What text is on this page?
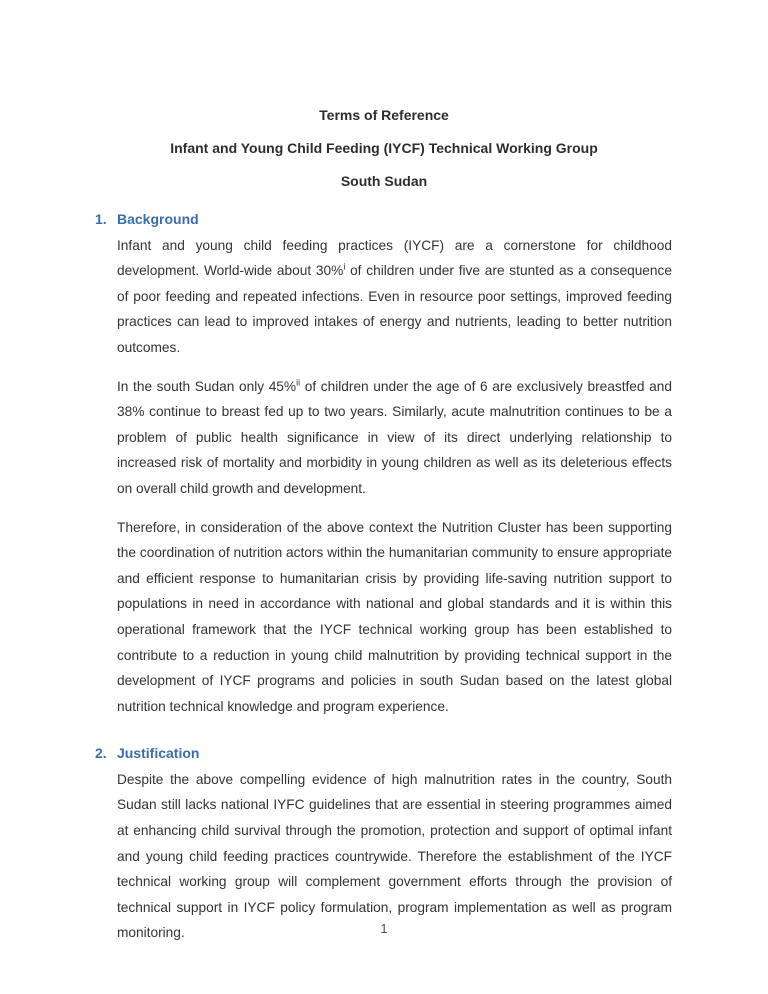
Terms of Reference
Infant and Young Child Feeding (IYCF) Technical Working Group
South Sudan
1. Background

Infant and young child feeding practices (IYCF) are a cornerstone for childhood development. World-wide about 30%$^i$ of children under five are stunted as a consequence of poor feeding and repeated infections. Even in resource poor settings, improved feeding practices can lead to improved intakes of energy and nutrients, leading to better nutrition outcomes.

In the south Sudan only 45%$^{ii}$ of children under the age of 6 are exclusively breastfed and 38% continue to breast fed up to two years. Similarly, acute malnutrition continues to be a problem of public health significance in view of its direct underlying relationship to increased risk of mortality and morbidity in young children as well as its deleterious effects on overall child growth and development.

Therefore, in consideration of the above context the Nutrition Cluster has been supporting the coordination of nutrition actors within the humanitarian community to ensure appropriate and efficient response to humanitarian crisis by providing life-saving nutrition support to populations in need in accordance with national and global standards and it is within this operational framework that the IYCF technical working group has been established to contribute to a reduction in young child malnutrition by providing technical support in the development of IYCF programs and policies in south Sudan based on the latest global nutrition technical knowledge and program experience.

2. Justification

Despite the above compelling evidence of high malnutrition rates in the country, South Sudan still lacks national IYFC guidelines that are essential in steering programmes aimed at enhancing child survival through the promotion, protection and support of optimal infant and young child feeding practices countrywide. Therefore the establishment of the IYCF technical working group will complement government efforts through the provision of technical support in IYCF policy formulation, program implementation as well as program monitoring.	1
